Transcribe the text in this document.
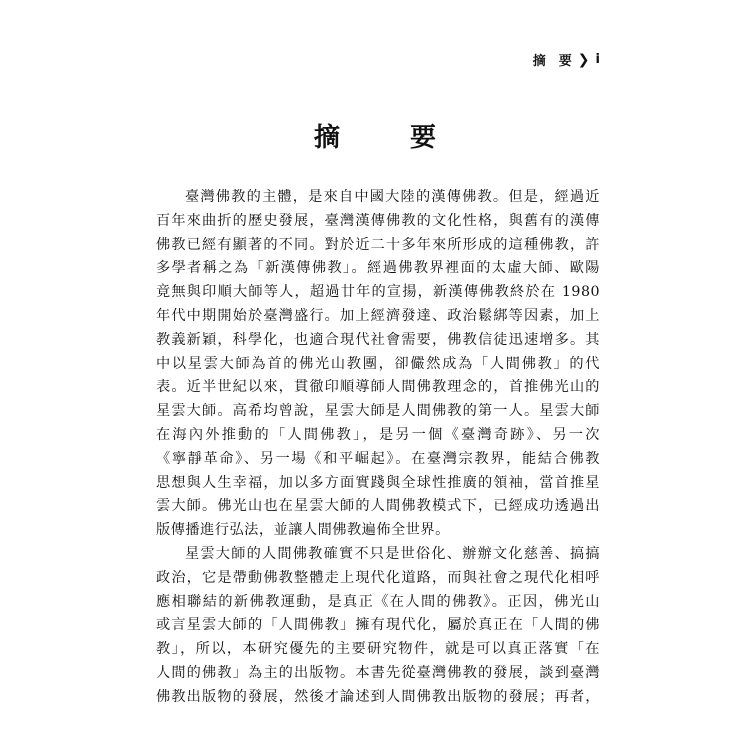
摘　要 ❯ i
摘　要
臺灣佛教的主體，是來自中國大陸的漢傳佛教。但是，經過近
百年來曲折的歷史發展，臺灣漢傳佛教的文化性格，與舊有的漢傳
佛教已經有顯著的不同。對於近二十多年來所形成的這種佛教，許
多學者稱之為「新漢傳佛教」。經過佛教界裡面的太虛大師、歐陽
竟無與印順大師等人，超過廿年的宣揚，新漢傳佛教終於在 1980
年代中期開始於臺灣盛行。加上經濟發達、政治鬆綁等因素，加上
教義新穎，科學化，也適合現代社會需要，佛教信徒迅速增多。其
中以星雲大師為首的佛光山教團，卻儼然成為「人間佛教」的代
表。近半世紀以來，貫徹印順導師人間佛教理念的，首推佛光山的
星雲大師。高希均曾說，星雲大師是人間佛教的第一人。星雲大師
在海內外推動的「人間佛教」，是另一個《臺灣奇跡》、另一次
《寧靜革命》、另一場《和平崛起》。在臺灣宗教界，能結合佛教
思想與人生幸福，加以多方面實踐與全球性推廣的領袖，當首推星
雲大師。佛光山也在星雲大師的人間佛教模式下，已經成功透過出
版傳播進行弘法，並讓人間佛教遍佈全世界。
星雲大師的人間佛教確實不只是世俗化、辦辦文化慈善、搞搞
政治，它是帶動佛教整體走上現代化道路，而與社會之現代化相呼
應相聯結的新佛教運動，是真正《在人間的佛教》。正因，佛光山
或言星雲大師的「人間佛教」擁有現代化，屬於真正在「人間的佛
教」，所以，本研究優先的主要研究物件，就是可以真正落實「在
人間的佛教」為主的出版物。本書先從臺灣佛教的發展，談到臺灣
佛教出版物的發展，然後才論述到人間佛教出版物的發展；再者，
